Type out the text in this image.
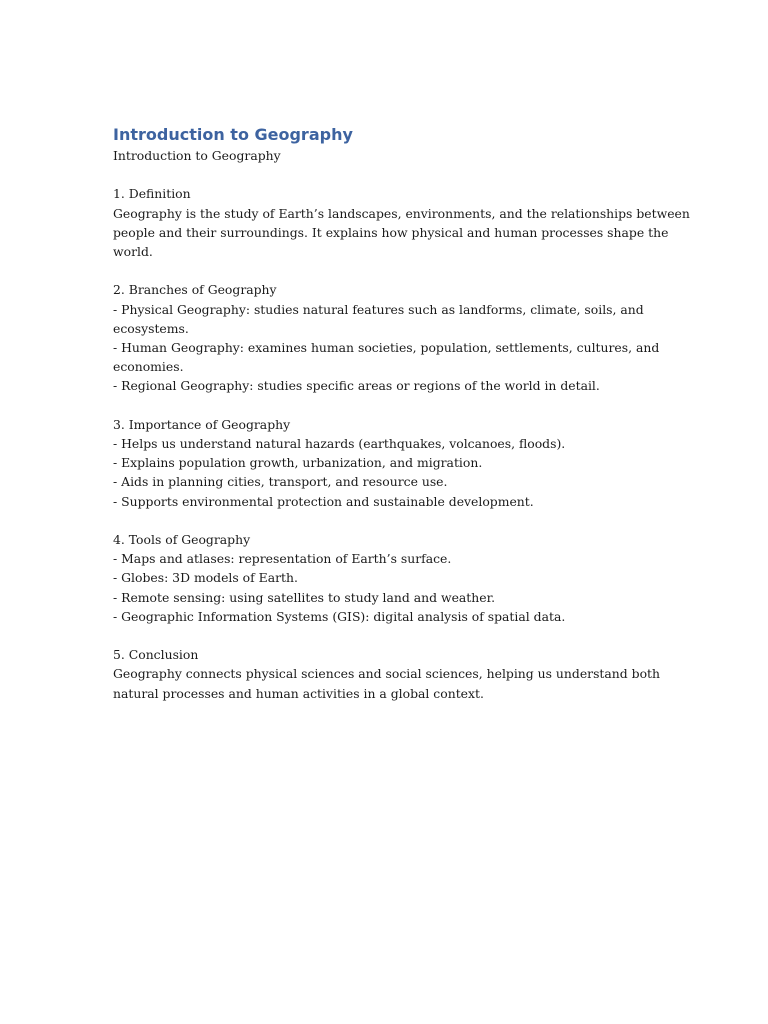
Introduction to Geography

Introduction to Geography

1. Definition

Geography is the study of Earth’s landscapes, environments, and the relationships between

people and their surroundings. It explains how physical and human processes shape the

world.

2. Branches of Geography

- Physical Geography: studies natural features such as landforms, climate, soils, and

ecosystems.

- Human Geography: examines human societies, population, settlements, cultures, and

economies.

- Regional Geography: studies specific areas or regions of the world in detail.

3. Importance of Geography

- Helps us understand natural hazards (earthquakes, volcanoes, floods).

- Explains population growth, urbanization, and migration.

- Aids in planning cities, transport, and resource use.

- Supports environmental protection and sustainable development.

4. Tools of Geography

- Maps and atlases: representation of Earth’s surface.

- Globes: 3D models of Earth.

- Remote sensing: using satellites to study land and weather.

- Geographic Information Systems (GIS): digital analysis of spatial data.

5. Conclusion

Geography connects physical sciences and social sciences, helping us understand both

natural processes and human activities in a global context.
